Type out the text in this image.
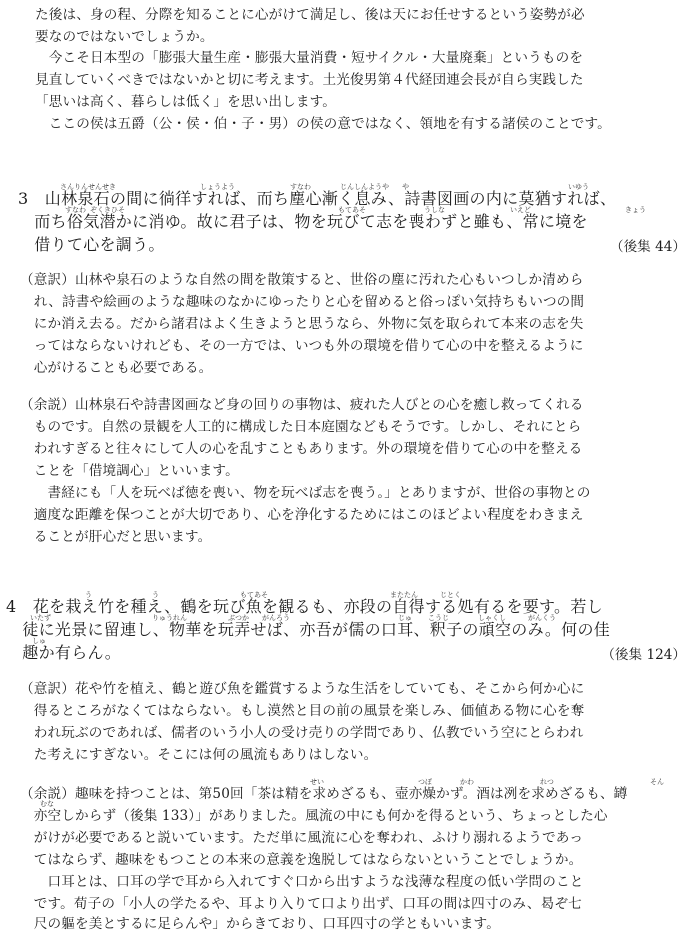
た後は、身の程、分際を知ることに心がけて満足し、後は天にお任せするという姿勢が必
要なのではないでしょうか。
　今こそ日本型の「膨張大量生産・膨張大量消費・短サイクル・大量廃棄」というものを
見直していくべきではないかと切に考えます。土光俊男第４代経団連会長が自ら実践した
「思いは高く、暮らしは低く」を思い出します。
　ここの侯は五爵（公・侯・伯・子・男）の侯の意ではなく、領地を有する諸侯のことです。
さんりんせんせき	しょうよう	すなわ	じんしんようや や	いゆう
3　山林泉石の間に徜徉すれば、而ち塵心漸く息み、詩書図画の内に莫猶すれば、
すなわ ぞくきひそ	もてあそ	うしな	いえど	きょう
　而ち俗気潜かに消ゆ。故に君子は、物を玩びて志を喪わずと雖も、常に境を
　借りて心を調う。	（後集 44）
（意訳）山林や泉石のような自然の間を散策すると、世俗の塵に汚れた心もいつしか清めら
　れ、詩書や絵画のような趣味のなかにゆったりと心を留めると俗っぽい気持ちもいつの間
　にか消え去る。だから諸君はよく生きようと思うなら、外物に気を取られて本来の志を失
　ってはならないけれども、その一方では、いつも外の環境を借りて心の中を整えるように
　心がけることも必要である。
（余説）山林泉石や詩書図画など身の回りの事物は、疲れた人びとの心を癒し救ってくれる
　ものです。自然の景観を人工的に構成した日本庭園などもそうです。しかし、それにとら
　われすぎると往々にして人の心を乱すこともあります。外の環境を借りて心の中を整える
　ことを「借境調心」といいます。
　　書経にも「人を玩べば徳を喪い、物を玩べば志を喪う。」とありますが、世俗の事物との
　適度な距離を保つことが大切であり、心を浄化するためにはこのほどよい程度をわきまえ
　ることが肝心だと思います。
う	う	もてあそ	またたん	じとく
4　花を栽え竹を種え、鶴を玩び魚を観るも、亦段の自得する処有るを要す。若し
いたず	りゅうれん	ぶつか がんろう	じゅ こうじ	しゃくし	がんくう
　徒に光景に留連し、物華を玩弄せば、亦吾が儒の口耳、釈子の頑空のみ。何の佳
しゅ
　趣か有らん。	（後集 124）
（意訳）花や竹を植え、鶴と遊び魚を鑑賞するような生活をしていても、そこから何か心に
　得るところがなくてはならない。もし漠然と目の前の風景を楽しみ、価値ある物に心を奪
　われ玩ぶのであれば、儒者のいう小人の受け売りの学問であり、仏教でいう空にとらわれ
　た考えにすぎない。そこには何の風流もありはしない。
せい	つぼ	かわ	れつ	そん
（余説）趣味を持つことは、第50回「茶は精を求めざるも、壺亦燥かず。酒は冽を求めざるも、罇
むな
　亦空しからず（後集 133）」がありました。風流の中にも何かを得るという、ちょっとした心
　がけが必要であると説いています。ただ単に風流に心を奪われ、ふけり溺れるようであっ
　てはならず、趣味をもつことの本来の意義を逸脱してはならないということでしょうか。
　　口耳とは、口耳の学で耳から入れてすぐ口から出すような浅薄な程度の低い学問のこと
　です。荀子の「小人の学たるや、耳より入りて口より出ず、口耳の間は四寸のみ、曷ぞ七
　尺の軀を美とするに足らんや」からきており、口耳四寸の学ともいいます。
